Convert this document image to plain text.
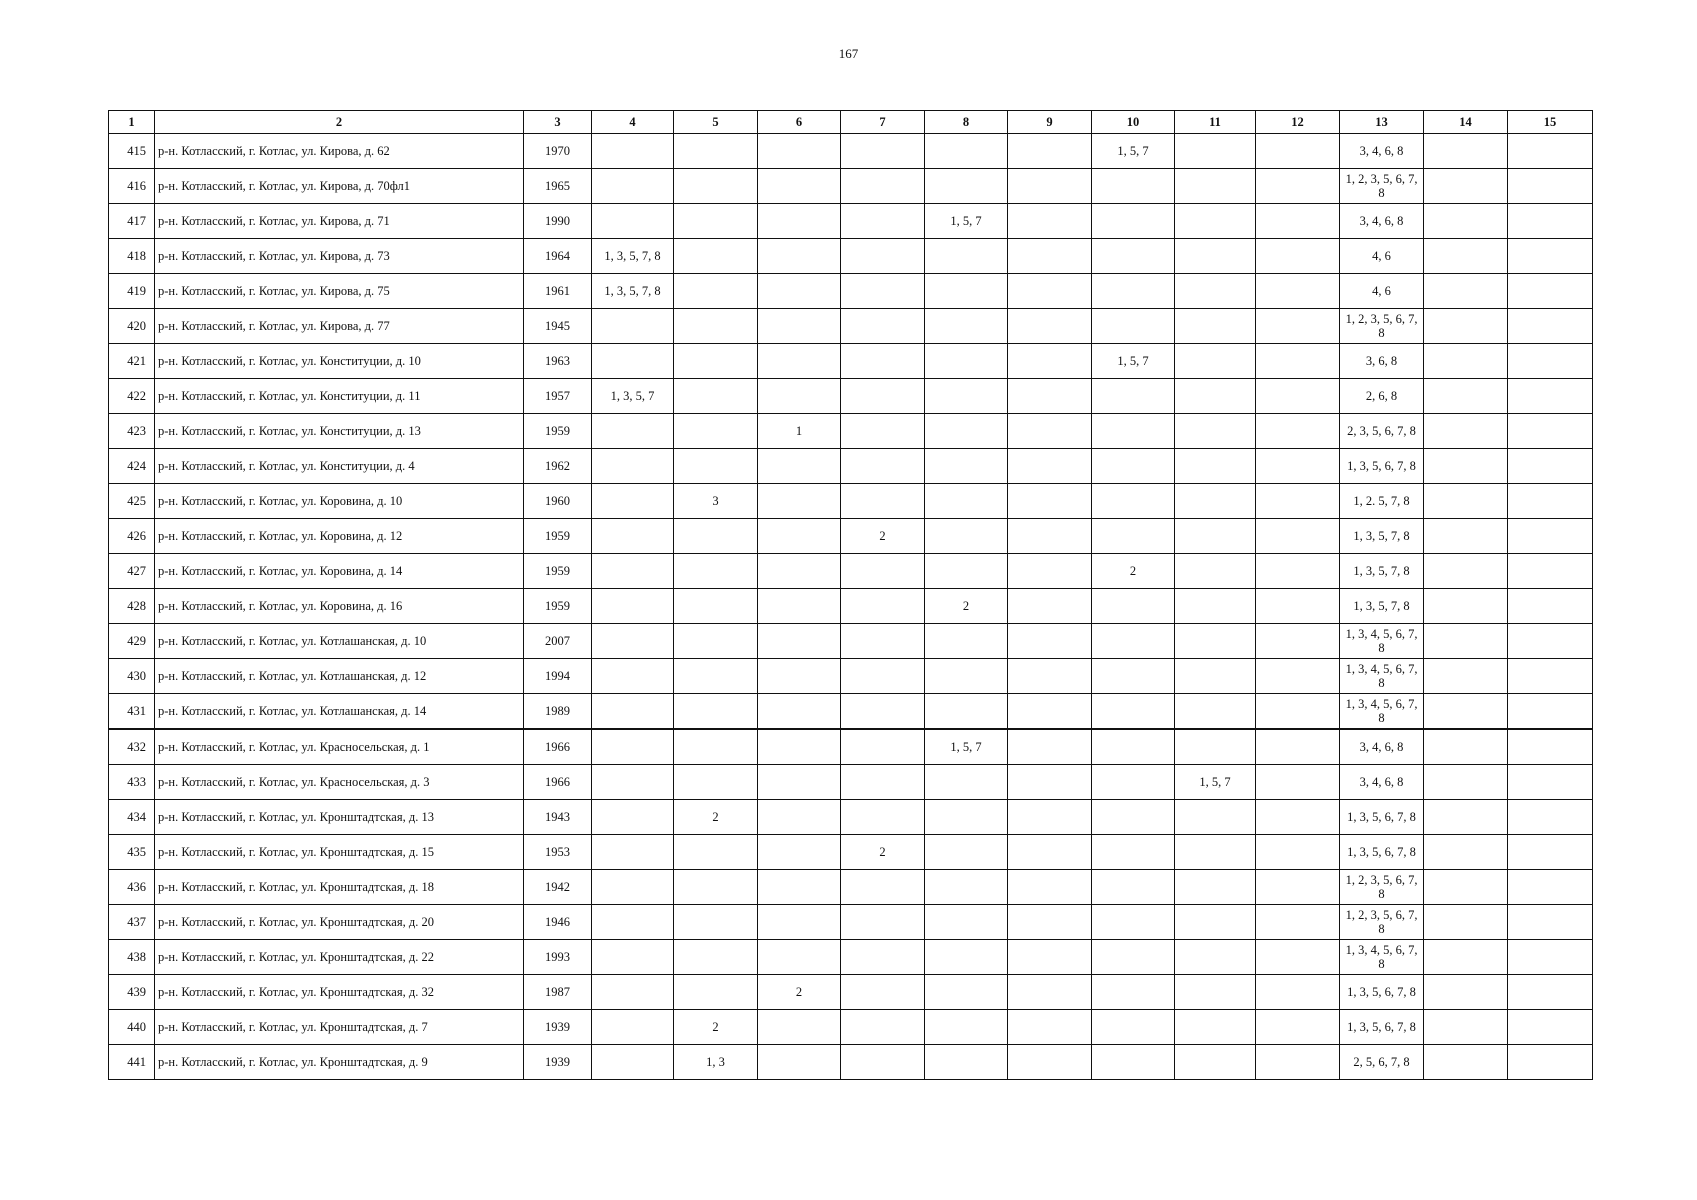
167
1	2	3	4	5	6	7	8	9	10	11	12	13	14	15
415	р-н. Котласский, г. Котлас, ул. Кирова, д. 62	1970							1, 5, 7			3, 4, 6, 8		
416	р-н. Котласский, г. Котлас, ул. Кирова, д. 70фл1	1965										1, 2, 3, 5, 6, 7, 8		
417	р-н. Котласский, г. Котлас, ул. Кирова, д. 71	1990					1, 5, 7					3, 4, 6, 8		
418	р-н. Котласский, г. Котлас, ул. Кирова, д. 73	1964	1, 3, 5, 7, 8									4, 6		
419	р-н. Котласский, г. Котлас, ул. Кирова, д. 75	1961	1, 3, 5, 7, 8									4, 6		
420	р-н. Котласский, г. Котлас, ул. Кирова, д. 77	1945										1, 2, 3, 5, 6, 7, 8		
421	р-н. Котласский, г. Котлас, ул. Конституции, д. 10	1963							1, 5, 7			3, 6, 8		
422	р-н. Котласский, г. Котлас, ул. Конституции, д. 11	1957	1, 3, 5, 7									2, 6, 8		
423	р-н. Котласский, г. Котлас, ул. Конституции, д. 13	1959			1							2, 3, 5, 6, 7, 8		
424	р-н. Котласский, г. Котлас, ул. Конституции, д. 4	1962										1, 3, 5, 6, 7, 8		
425	р-н. Котласский, г. Котлас, ул. Коровина, д. 10	1960		3								1, 2. 5, 7, 8		
426	р-н. Котласский, г. Котлас, ул. Коровина, д. 12	1959				2						1, 3, 5, 7, 8		
427	р-н. Котласский, г. Котлас, ул. Коровина, д. 14	1959							2			1, 3, 5, 7, 8		
428	р-н. Котласский, г. Котлас, ул. Коровина, д. 16	1959					2					1, 3, 5, 7, 8		
429	р-н. Котласский, г. Котлас, ул. Котлашанская, д. 10	2007										1, 3, 4, 5, 6, 7, 8		
430	р-н. Котласский, г. Котлас, ул. Котлашанская, д. 12	1994										1, 3, 4, 5, 6, 7, 8		
431	р-н. Котласский, г. Котлас, ул. Котлашанская, д. 14	1989										1, 3, 4, 5, 6, 7, 8		
432	р-н. Котласский, г. Котлас, ул. Красносельская, д. 1	1966					1, 5, 7					3, 4, 6, 8		
433	р-н. Котласский, г. Котлас, ул. Красносельская, д. 3	1966								1, 5, 7		3, 4, 6, 8		
434	р-н. Котласский, г. Котлас, ул. Кронштадтская, д. 13	1943		2								1, 3, 5, 6, 7, 8		
435	р-н. Котласский, г. Котлас, ул. Кронштадтская, д. 15	1953				2						1, 3, 5, 6, 7, 8		
436	р-н. Котласский, г. Котлас, ул. Кронштадтская, д. 18	1942										1, 2, 3, 5, 6, 7, 8		
437	р-н. Котласский, г. Котлас, ул. Кронштадтская, д. 20	1946										1, 2, 3, 5, 6, 7, 8		
438	р-н. Котласский, г. Котлас, ул. Кронштадтская, д. 22	1993										1, 3, 4, 5, 6, 7, 8		
439	р-н. Котласский, г. Котлас, ул. Кронштадтская, д. 32	1987			2							1, 3, 5, 6, 7, 8		
440	р-н. Котласский, г. Котлас, ул. Кронштадтская, д. 7	1939		2								1, 3, 5, 6, 7, 8		
441	р-н. Котласский, г. Котлас, ул. Кронштадтская, д. 9	1939		1, 3								2, 5, 6, 7, 8		
